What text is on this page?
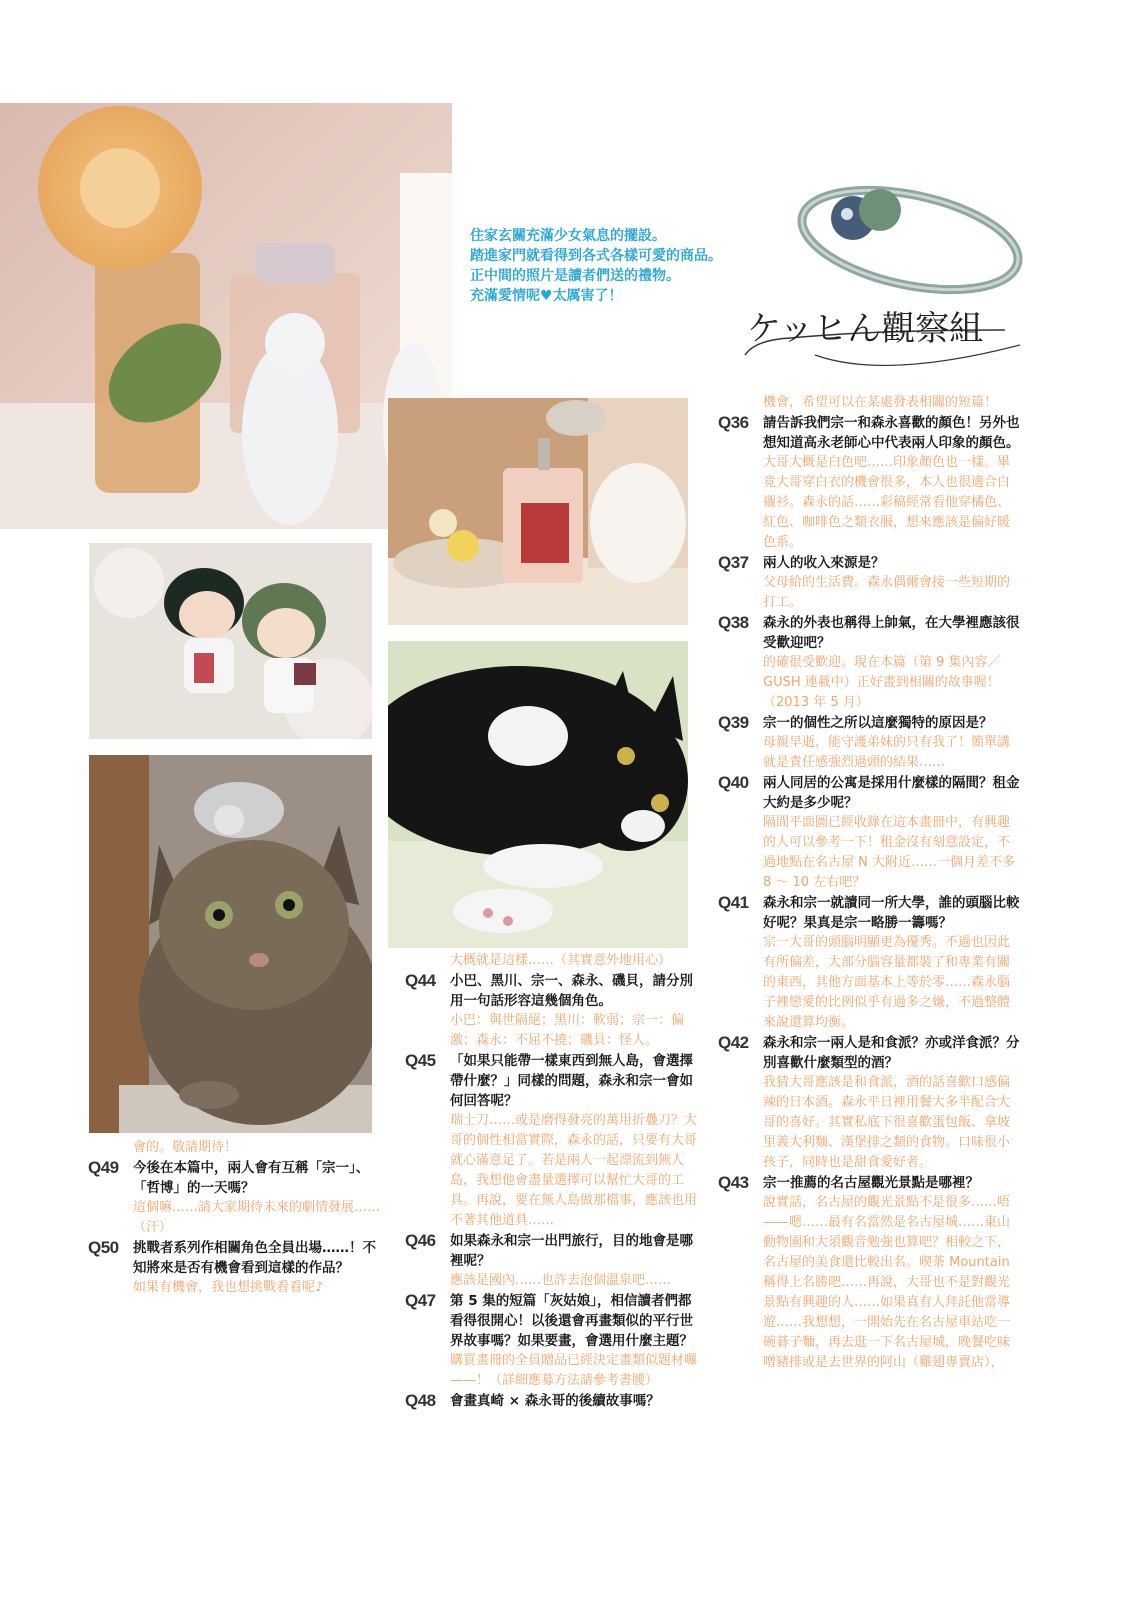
住家玄關充滿少女氣息的擺設。
踏進家門就看得到各式各樣可愛的商品。
正中間的照片是讀者們送的禮物。
充滿愛情呢♥太厲害了！
ケッヒん觀察組
機會，希望可以在某處發表相關的短篇！
Q36	請告訴我們宗一和森永喜歡的顏色！另外也想知道高永老師心中代表兩人印象的顏色。
大哥大概是白色吧……印象顏色也一樣。畢竟大哥穿白衣的機會很多，本人也很適合白襯衫。森永的話……彩稿經常看他穿橘色、紅色、咖啡色之類衣服，想來應該是偏好暖色系。
Q37	兩人的收入來源是？
父母給的生活費。森永偶爾會接一些短期的打工。
Q38	森永的外表也稱得上帥氣，在大學裡應該很受歡迎吧？
的確很受歡迎。現在本篇（第 9 集內容／GUSH 連載中）正好畫到相關的故事喔！（2013 年 5 月）
Q39	宗一的個性之所以這麼獨特的原因是？
母親早逝，能守護弟妹的只有我了！簡單講就是責任感強烈過頭的結果……
Q40	兩人同居的公寓是採用什麼樣的隔間？租金大約是多少呢？
隔間平面圖已經收錄在這本畫冊中，有興趣的人可以參考一下！租金沒有刻意設定，不過地點在名古屋 N 大附近……一個月差不多 8 ～ 10 左右吧？
Q41	森永和宗一就讀同一所大學，誰的頭腦比較好呢？果真是宗一略勝一籌嗎？
宗一大哥的頭腦明顯更為優秀。不過也因此有所偏差，大部分腦容量都裝了和專業有關的東西，其他方面基本上等於零……森永腦子裡戀愛的比例似乎有過多之嫌，不過整體來說還算均衡。
Q42	森永和宗一兩人是和食派？亦或洋食派？分別喜歡什麼類型的酒？
我猜大哥應該是和食派，酒的話喜歡口感偏辣的日本酒。森永平日裡用餐大多半配合大哥的喜好。其實私底下很喜歡蛋包飯、拿坡里義大利麵、漢堡排之類的食物。口味很小孩子，同時也是甜食愛好者。
Q43	宗一推薦的名古屋觀光景點是哪裡？
說實話，名古屋的觀光景點不是很多……唔——嗯……最有名當然是名古屋城……東山動物園和大須觀音勉強也算吧？相較之下，名古屋的美食還比較出名。喫茶 Mountain 稱得上名勝吧……再說，大哥也不是對觀光景點有興趣的人……如果真有人拜託他當導遊……我想想，一開始先在名古屋車站吃一碗碁子麵，再去逛一下名古屋城，晚餐吃味噌豬排或是去世界的阿山（雞翅專賣店），
大概就是這樣……（其實意外地用心）
Q44	小巴、黑川、宗一、森永、磯貝，請分別用一句話形容這幾個角色。
小巴：與世隔絕；黑川：軟弱；宗一：偏激；森永：不屈不撓；磯貝：怪人。
Q45	「如果只能帶一樣東西到無人島，會選擇帶什麼？」同樣的問題，森永和宗一會如何回答呢？
瑞士刀……或是磨得發亮的萬用折疊刀？大哥的個性相當實際，森永的話，只要有大哥就心滿意足了。若是兩人一起漂流到無人島，我想他會盡量選擇可以幫忙大哥的工具。再說，要在無人島做那檔事，應該也用不著其他道具……
Q46	如果森永和宗一出門旅行，目的地會是哪裡呢？
應該是國內……也許去泡個溫泉吧……
Q47	第 5 集的短篇「灰姑娘」，相信讀者們都看得很開心！以後還會再畫類似的平行世界故事嗎？如果要畫，會選用什麼主題？
購買畫冊的全員贈品已經決定畫類似題材囉——！（詳細應募方法請參考書腰）
Q48	會畫真崎 × 森永哥的後續故事嗎？
會的。敬請期待！
Q49	今後在本篇中，兩人會有互稱「宗一」、「哲博」的一天嗎？
這個嘛……請大家期待未來的劇情發展……（汗）
Q50	挑戰者系列作相關角色全員出場……！不知將來是否有機會看到這樣的作品？
如果有機會，我也想挑戰看看呢♪
